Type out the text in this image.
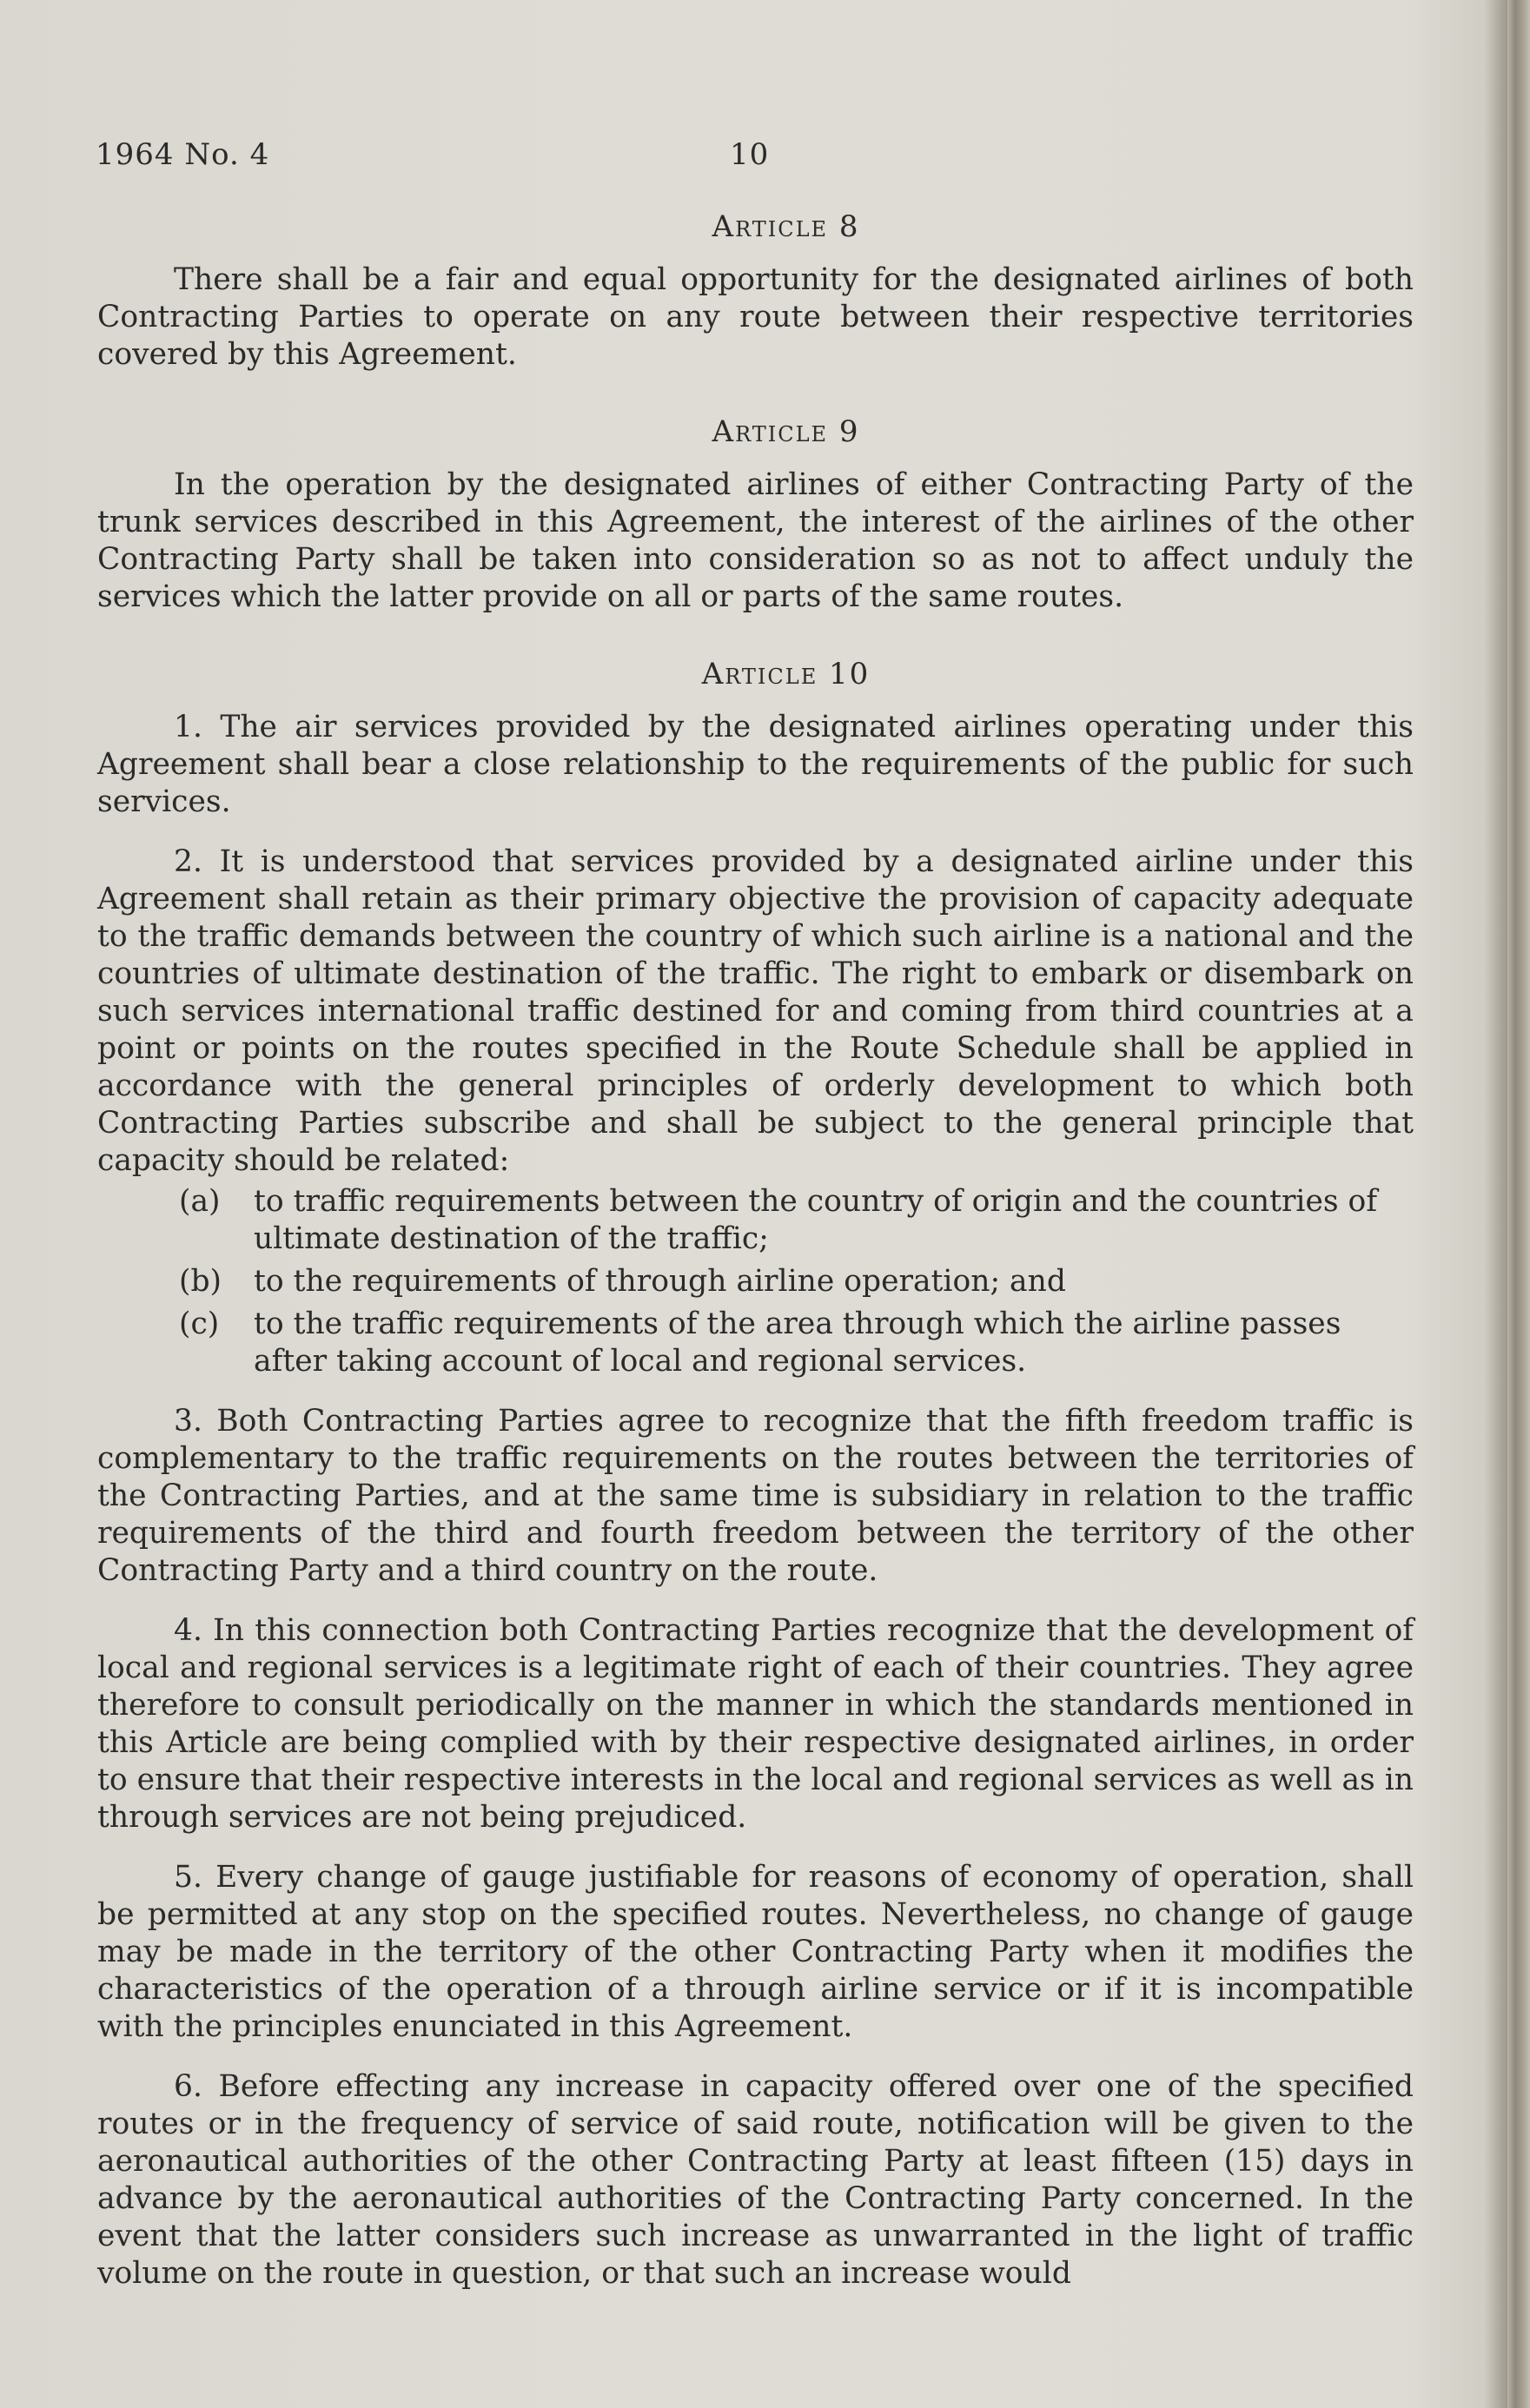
1964 No. 4	10
Article 8

There shall be a fair and equal opportunity for the designated airlines of both Contracting Parties to operate on any route between their respective territories covered by this Agreement.

Article 9

In the operation by the designated airlines of either Contracting Party of the trunk services described in this Agreement, the interest of the airlines of the other Contracting Party shall be taken into consideration so as not to affect unduly the services which the latter provide on all or parts of the same routes.

Article 10

1. The air services provided by the designated airlines operating under this Agreement shall bear a close relationship to the requirements of the public for such services.

2. It is understood that services provided by a designated airline under this Agreement shall retain as their primary objective the provision of capacity adequate to the traffic demands between the country of which such airline is a national and the countries of ultimate destination of the traffic. The right to embark or disembark on such services international traffic destined for and coming from third countries at a point or points on the routes specified in the Route Schedule shall be applied in accordance with the general principles of orderly development to which both Contracting Parties subscribe and shall be subject to the general principle that capacity should be related:

(a)	to traffic requirements between the country of origin and the countries of ultimate destination of the traffic;
(b)	to the requirements of through airline operation; and
(c)	to the traffic requirements of the area through which the airline passes after taking account of local and regional services.

3. Both Contracting Parties agree to recognize that the fifth freedom traffic is complementary to the traffic requirements on the routes between the territories of the Contracting Parties, and at the same time is subsidiary in relation to the traffic requirements of the third and fourth freedom between the territory of the other Contracting Party and a third country on the route.

4. In this connection both Contracting Parties recognize that the development of local and regional services is a legitimate right of each of their countries. They agree therefore to consult periodically on the manner in which the standards mentioned in this Article are being complied with by their respective designated airlines, in order to ensure that their respective interests in the local and regional services as well as in through services are not being prejudiced.

5. Every change of gauge justifiable for reasons of economy of operation, shall be permitted at any stop on the specified routes. Nevertheless, no change of gauge may be made in the territory of the other Contracting Party when it modifies the characteristics of the operation of a through airline service or if it is incompatible with the principles enunciated in this Agreement.

6. Before effecting any increase in capacity offered over one of the specified routes or in the frequency of service of said route, notification will be given to the aeronautical authorities of the other Contracting Party at least fifteen (15) days in advance by the aeronautical authorities of the Contracting Party concerned. In the event that the latter considers such increase as unwarranted in the light of traffic volume on the route in question, or that such an increase would
